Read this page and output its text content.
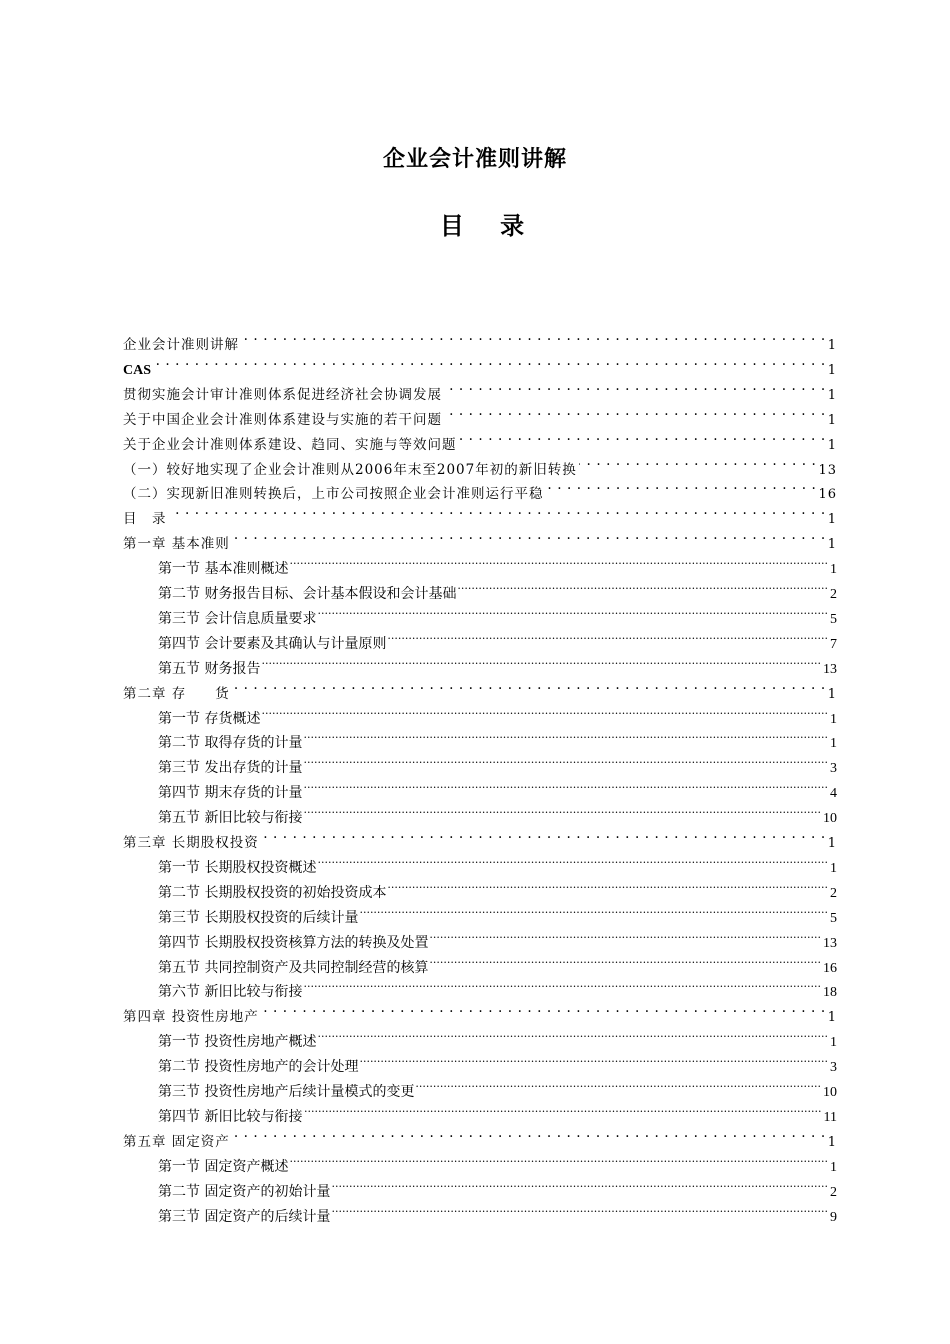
企业会计准则讲解
目 录
企业会计准则讲解 . . .	1
CAS . . .	1
贯彻实施会计审计准则体系促进经济社会协调发展 . . .	1
关于中国企业会计准则体系建设与实施的若干问题 . . .	1
关于企业会计准则体系建设、趋同、实施与等效问题 . . .	1
（一）较好地实现了企业会计准则从2006年末至2007年初的新旧转换 . . .	13
（二）实现新旧准则转换后，上市公司按照企业会计准则运行平稳 . . .	16
目　录 . . .	1
第一章 基本准则 . . .	1
第一节 基本准则概述 .....	1
第二节 财务报告目标、会计基本假设和会计基础 .....	2
第三节 会计信息质量要求 .....	5
第四节 会计要素及其确认与计量原则 .....	7
第五节 财务报告 .....	13
第二章 存　　货 . . .	1
第一节 存货概述 .....	1
第二节 取得存货的计量 .....	1
第三节 发出存货的计量 .....	3
第四节 期末存货的计量 .....	4
第五节 新旧比较与衔接 .....	10
第三章 长期股权投资 . . .	1
第一节 长期股权投资概述 .....	1
第二节 长期股权投资的初始投资成本 .....	2
第三节 长期股权投资的后续计量 .....	5
第四节 长期股权投资核算方法的转换及处置 .....	13
第五节 共同控制资产及共同控制经营的核算 .....	16
第六节 新旧比较与衔接 .....	18
第四章 投资性房地产 . . .	1
第一节 投资性房地产概述 .....	1
第二节 投资性房地产的会计处理 .....	3
第三节 投资性房地产后续计量模式的变更 .....	10
第四节 新旧比较与衔接 .....	11
第五章 固定资产 . . .	1
第一节 固定资产概述 .....	1
第二节 固定资产的初始计量 .....	2
第三节 固定资产的后续计量 .....	9
